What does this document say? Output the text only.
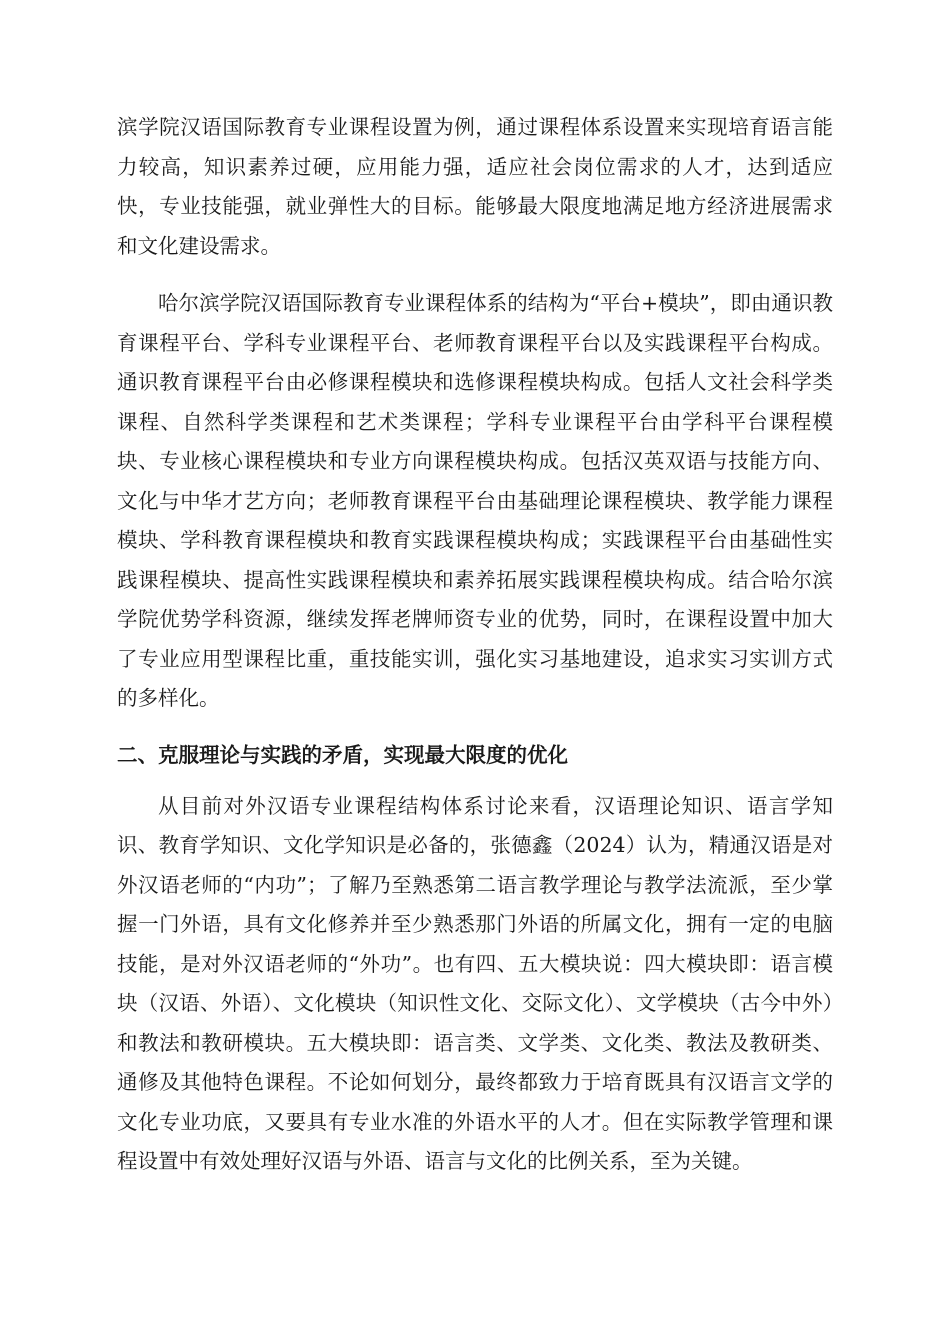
滨学院汉语国际教育专业课程设置为例，通过课程体系设置来实现培育语言能力较高，知识素养过硬，应用能力强，适应社会岗位需求的人才，达到适应快，专业技能强，就业弹性大的目标。能够最大限度地满足地方经济进展需求和文化建设需求。

哈尔滨学院汉语国际教育专业课程体系的结构为“平台+模块”，即由通识教育课程平台、学科专业课程平台、老师教育课程平台以及实践课程平台构成。通识教育课程平台由必修课程模块和选修课程模块构成。包括人文社会科学类课程、自然科学类课程和艺术类课程；学科专业课程平台由学科平台课程模块、专业核心课程模块和专业方向课程模块构成。包括汉英双语与技能方向、文化与中华才艺方向；老师教育课程平台由基础理论课程模块、教学能力课程模块、学科教育课程模块和教育实践课程模块构成；实践课程平台由基础性实践课程模块、提高性实践课程模块和素养拓展实践课程模块构成。结合哈尔滨学院优势学科资源，继续发挥老牌师资专业的优势，同时，在课程设置中加大了专业应用型课程比重，重技能实训，强化实习基地建设，追求实习实训方式的多样化。

二、克服理论与实践的矛盾，实现最大限度的优化

从目前对外汉语专业课程结构体系讨论来看，汉语理论知识、语言学知识、教育学知识、文化学知识是必备的，张德鑫（2024）认为，精通汉语是对外汉语老师的“内功”；了解乃至熟悉第二语言教学理论与教学法流派，至少掌握一门外语，具有文化修养并至少熟悉那门外语的所属文化，拥有一定的电脑技能，是对外汉语老师的“外功”。也有四、五大模块说：四大模块即：语言模块（汉语、外语）、文化模块（知识性文化、交际文化）、文学模块（古今中外）和教法和教研模块。五大模块即：语言类、文学类、文化类、教法及教研类、通修及其他特色课程。不论如何划分，最终都致力于培育既具有汉语言文学的文化专业功底，又要具有专业水准的外语水平的人才。但在实际教学管理和课程设置中有效处理好汉语与外语、语言与文化的比例关系，至为关键。
